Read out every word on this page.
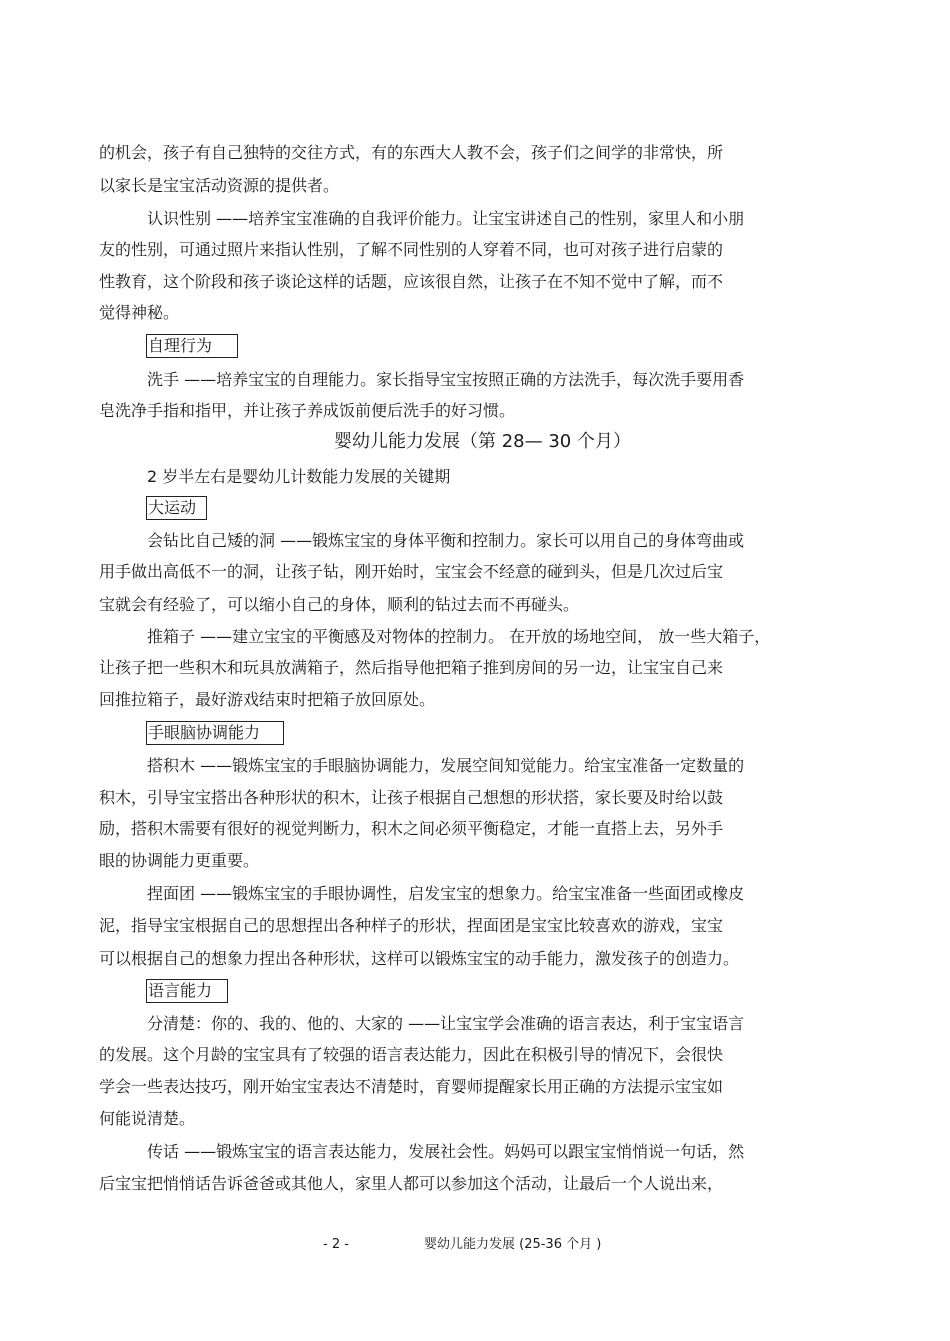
的机会，孩子有自己独特的交往方式，有的东西大人教不会，孩子们之间学的非常快，所
以家长是宝宝活动资源的提供者。
认识性别 ——培养宝宝准确的自我评价能力。让宝宝讲述自己的性别，家里人和小朋
友的性别，可通过照片来指认性别，了解不同性别的人穿着不同，也可对孩子进行启蒙的
性教育，这个阶段和孩子谈论这样的话题，应该很自然，让孩子在不知不觉中了解，而不
觉得神秘。
自理行为
洗手 ——培养宝宝的自理能力。家长指导宝宝按照正确的方法洗手，每次洗手要用香
皂洗净手指和指甲，并让孩子养成饭前便后洗手的好习惯。
婴幼儿能力发展（第 28— 30 个月）
2 岁半左右是婴幼儿计数能力发展的关键期
大运动
会钻比自己矮的洞 ——锻炼宝宝的身体平衡和控制力。家长可以用自己的身体弯曲或
用手做出高低不一的洞，让孩子钻，刚开始时，宝宝会不经意的碰到头，但是几次过后宝
宝就会有经验了，可以缩小自己的身体，顺利的钻过去而不再碰头。
推箱子 ——建立宝宝的平衡感及对物体的控制力。 在开放的场地空间， 放一些大箱子，
让孩子把一些积木和玩具放满箱子，然后指导他把箱子推到房间的另一边，让宝宝自己来
回推拉箱子，最好游戏结束时把箱子放回原处。
手眼脑协调能力
搭积木 ——锻炼宝宝的手眼脑协调能力，发展空间知觉能力。给宝宝准备一定数量的
积木，引导宝宝搭出各种形状的积木，让孩子根据自己想想的形状搭，家长要及时给以鼓
励，搭积木需要有很好的视觉判断力，积木之间必须平衡稳定，才能一直搭上去，另外手
眼的协调能力更重要。
捏面团 ——锻炼宝宝的手眼协调性，启发宝宝的想象力。给宝宝准备一些面团或橡皮
泥，指导宝宝根据自己的思想捏出各种样子的形状，捏面团是宝宝比较喜欢的游戏，宝宝
可以根据自己的想象力捏出各种形状，这样可以锻炼宝宝的动手能力，激发孩子的创造力。
语言能力
分清楚：你的、我的、他的、大家的 ——让宝宝学会准确的语言表达，利于宝宝语言
的发展。这个月龄的宝宝具有了较强的语言表达能力，因此在积极引导的情况下，会很快
学会一些表达技巧，刚开始宝宝表达不清楚时，育婴师提醒家长用正确的方法提示宝宝如
何能说清楚。
传话 ——锻炼宝宝的语言表达能力，发展社会性。妈妈可以跟宝宝悄悄说一句话，然
后宝宝把悄悄话告诉爸爸或其他人，家里人都可以参加这个活动，让最后一个人说出来，
- 2 -	婴幼儿能力发展 (25-36 个月 )
